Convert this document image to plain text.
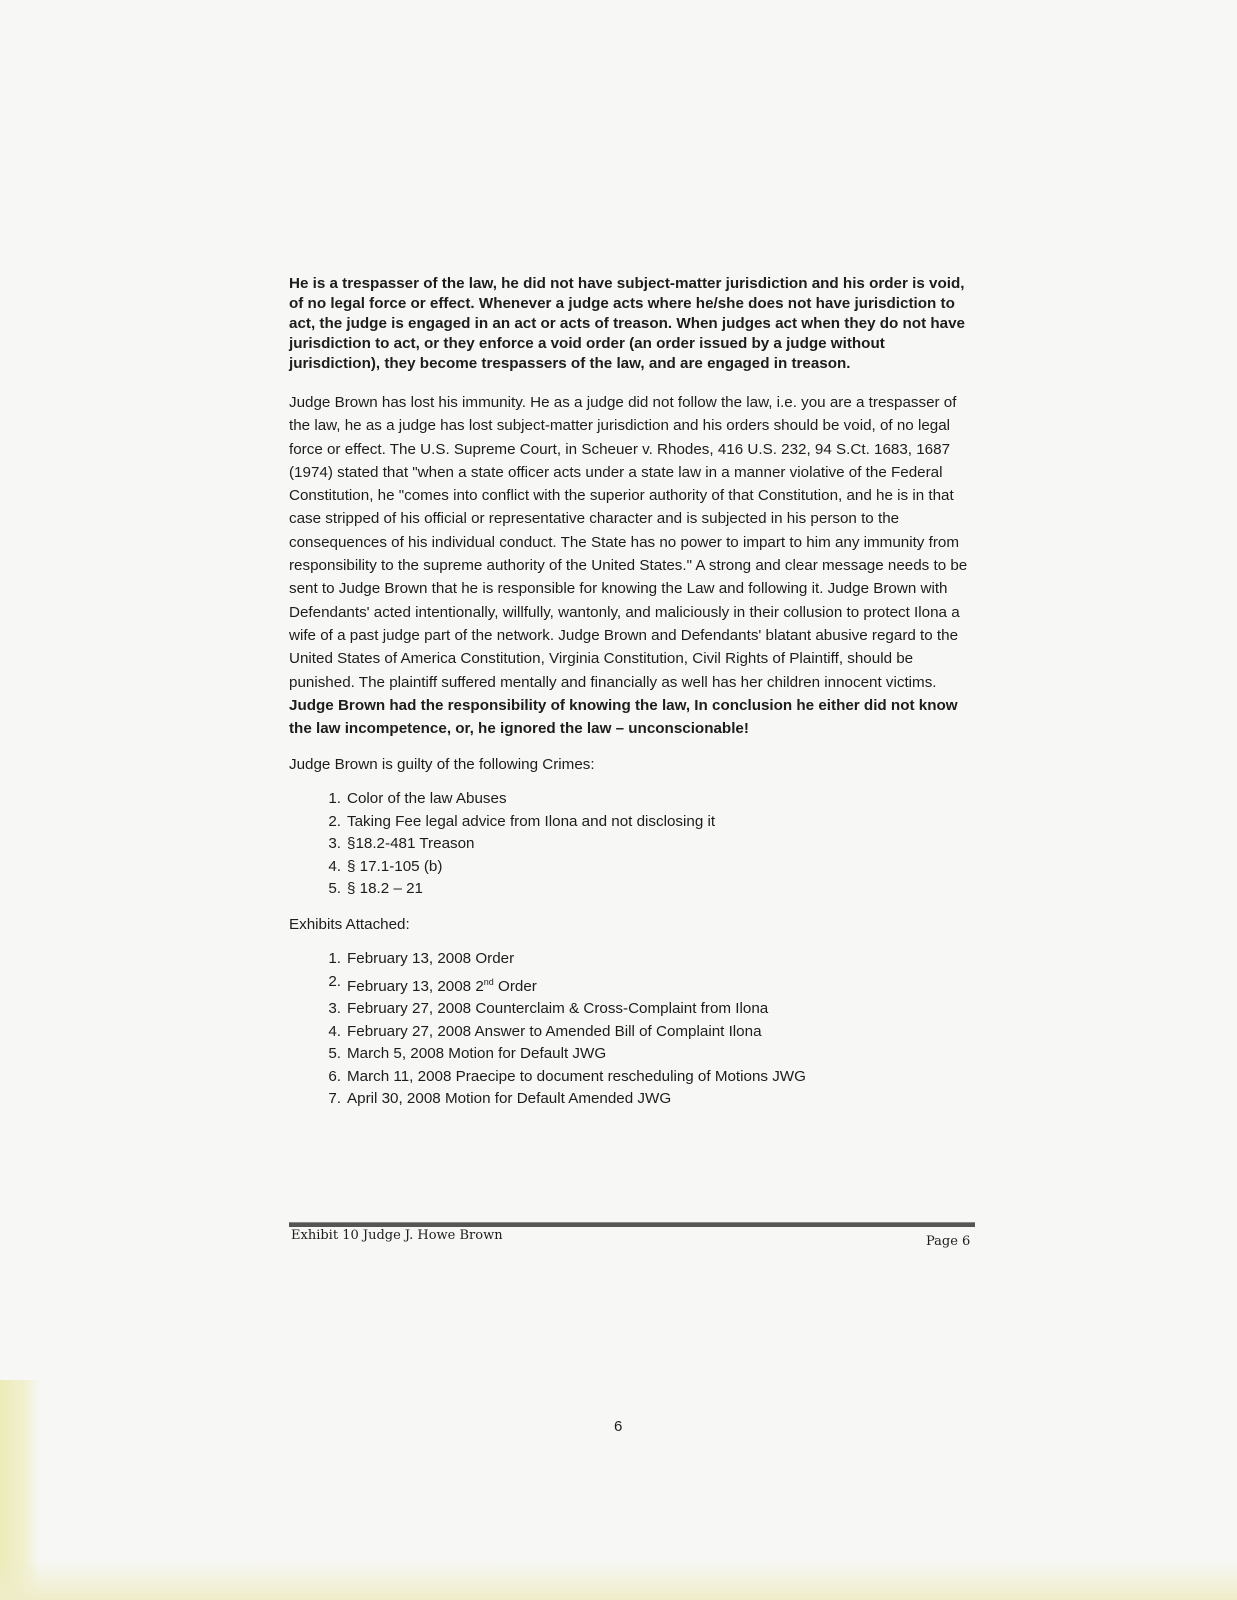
He is a trespasser of the law, he did not have subject-matter jurisdiction and his order is void, of no legal force or effect. Whenever a judge acts where he/she does not have jurisdiction to act, the judge is engaged in an act or acts of treason. When judges act when they do not have jurisdiction to act, or they enforce a void order (an order issued by a judge without jurisdiction), they become trespassers of the law, and are engaged in treason.

Judge Brown has lost his immunity. He as a judge did not follow the law, i.e. you are a trespasser of the law, he as a judge has lost subject-matter jurisdiction and his orders should be void, of no legal force or effect. The U.S. Supreme Court, in Scheuer v. Rhodes, 416 U.S. 232, 94 S.Ct. 1683, 1687 (1974) stated that "when a state officer acts under a state law in a manner violative of the Federal Constitution, he "comes into conflict with the superior authority of that Constitution, and he is in that case stripped of his official or representative character and is subjected in his person to the consequences of his individual conduct. The State has no power to impart to him any immunity from responsibility to the supreme authority of the United States." A strong and clear message needs to be sent to Judge Brown that he is responsible for knowing the Law and following it. Judge Brown with Defendants' acted intentionally, willfully, wantonly, and maliciously in their collusion to protect Ilona a wife of a past judge part of the network. Judge Brown and Defendants' blatant abusive regard to the United States of America Constitution, Virginia Constitution, Civil Rights of Plaintiff, should be punished. The plaintiff suffered mentally and financially as well has her children innocent victims. Judge Brown had the responsibility of knowing the law, In conclusion he either did not know the law incompetence, or, he ignored the law – unconscionable!

Judge Brown is guilty of the following Crimes:

1. Color of the law Abuses
2. Taking Fee legal advice from Ilona and not disclosing it
3. §18.2-481 Treason
4. § 17.1-105 (b)
5. § 18.2 – 21

Exhibits Attached:

1. February 13, 2008 Order
2. February 13, 2008 2nd Order
3. February 27, 2008 Counterclaim & Cross-Complaint from Ilona
4. February 27, 2008 Answer to Amended Bill of Complaint Ilona
5. March 5, 2008 Motion for Default JWG
6. March 11, 2008 Praecipe to document rescheduling of Motions JWG
7. April 30, 2008 Motion for Default Amended JWG
Exhibit 10 Judge J. Howe Brown	Page 6
6
